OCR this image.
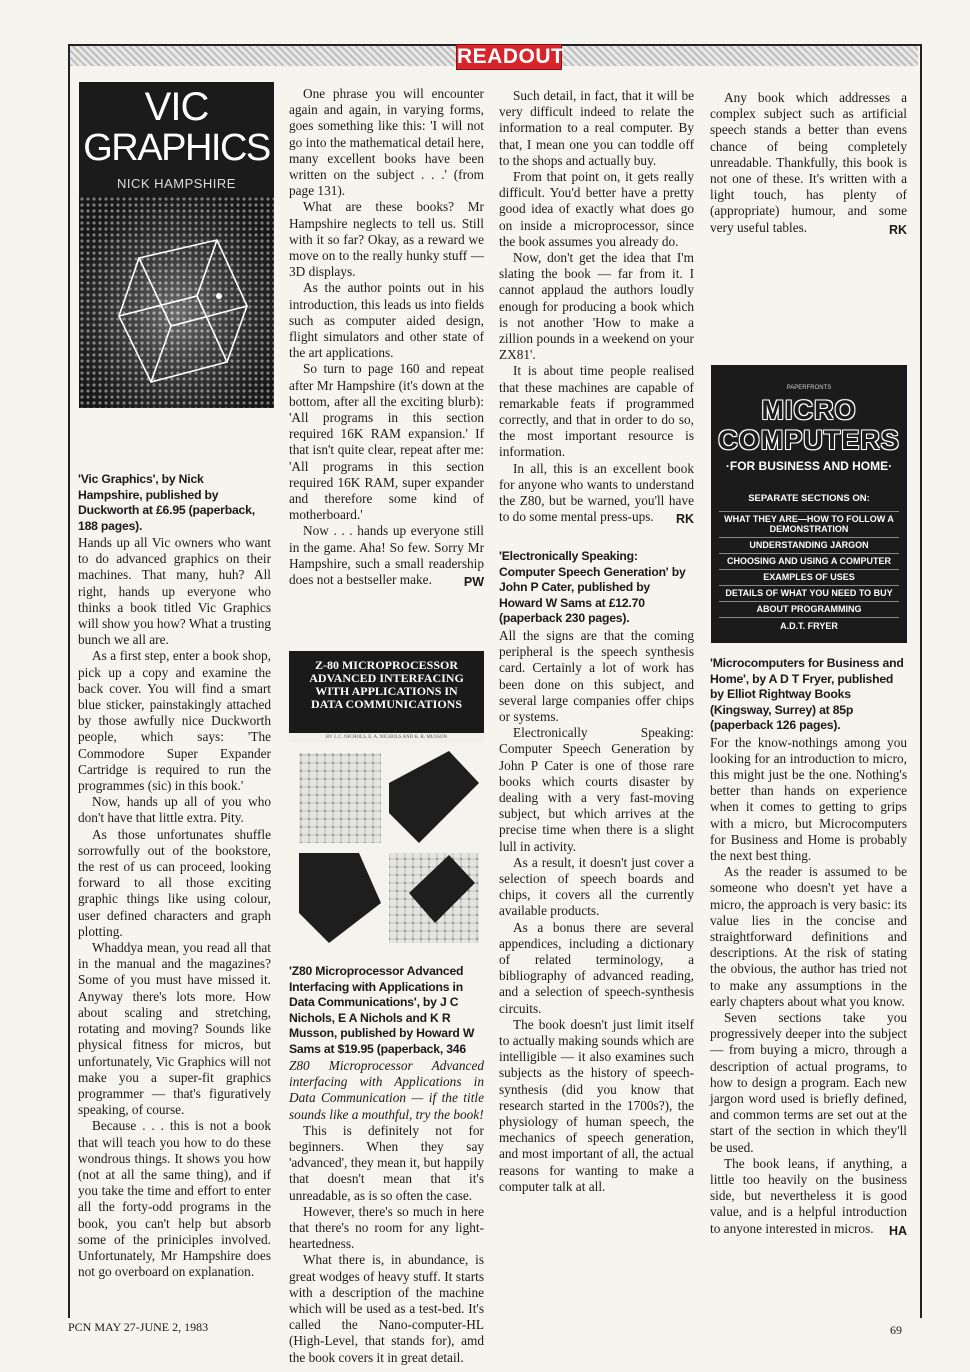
READOUT
VIC
GRAPHICS
NICK HAMPSHIRE
Z-80 MICROPROCESSOR
ADVANCED INTERFACING
WITH APPLICATIONS IN
DATA COMMUNICATIONS
BY J. C. NICHOLS, E. A. NICHOLS AND K. R. MUSSON
PAPERFRONTS
MICRO
COMPUTERS
·FOR BUSINESS AND HOME·
SEPARATE SECTIONS ON:
WHAT THEY ARE—HOW TO FOLLOW A DEMONSTRATION
UNDERSTANDING JARGON
CHOOSING AND USING A COMPUTER
EXAMPLES OF USES
DETAILS OF WHAT YOU NEED TO BUY
ABOUT PROGRAMMING
A.D.T. FRYER
'Vic Graphics', by Nick Hampshire, published by Duckworth at £6.95 (paperback, 188 pages).

Hands up all Vic owners who want to do advanced graphics on their machines. That many, huh? All right, hands up everyone who thinks a book titled Vic Graphics will show you how? What a trusting bunch we all are.

As a first step, enter a book shop, pick up a copy and examine the back cover. You will find a smart blue sticker, painstakingly attached by those awfully nice Duckworth people, which says: 'The Commodore Super Expander Cartridge is required to run the programmes (sic) in this book.'

Now, hands up all of you who don't have that little extra. Pity.

As those unfortunates shuffle sorrowfully out of the bookstore, the rest of us can proceed, looking forward to all those exciting graphic things like using colour, user defined characters and graph plotting.

Whaddya mean, you read all that in the manual and the magazines? Some of you must have missed it. Anyway there's lots more. How about scaling and stretching, rotating and moving? Sounds like physical fitness for micros, but unfortunately, Vic Graphics will not make you a super-fit graphics programmer — that's figuratively speaking, of course.

Because . . . this is not a book that will teach you how to do these wondrous things. It shows you how (not at all the same thing), and if you take the time and effort to enter all the forty-odd programs in the book, you can't help but absorb some of the priniciples involved. Unfortunately, Mr Hampshire does not go overboard on explanation.

One phrase you will encounter again and again, in varying forms, goes something like this: 'I will not go into the mathematical detail here, many excellent books have been written on the subject . . .' (from page 131).

What are these books? Mr Hampshire neglects to tell us. Still with it so far? Okay, as a reward we move on to the really hunky stuff — 3D displays.

As the author points out in his introduction, this leads us into fields such as computer aided design, flight simulators and other state of the art applications.

So turn to page 160 and repeat after Mr Hampshire (it's down at the bottom, after all the exciting blurb): 'All programs in this section required 16K RAM expansion.' If that isn't quite clear, repeat after me: 'All programs in this section required 16K RAM, super expander and therefore some kind of motherboard.'

Now . . . hands up everyone still in the game. Aha! So few. Sorry Mr Hampshire, such a small readership does not a bestseller make.	PW
'Z80 Microprocessor Advanced Interfacing with Applications in Data Communications', by J C Nichols, E A Nichols and K R Musson, published by Howard W Sams at $19.95 (paperback, 346

Z80 Microprocessor Advanced interfacing with Applications in Data Communication — if the title sounds like a mouthful, try the book!

This is definitely not for beginners. When they say 'advanced', they mean it, but happily that doesn't mean that it's unreadable, as is so often the case.

However, there's so much in here that there's no room for any light-heartedness.

What there is, in abundance, is great wodges of heavy stuff. It starts with a description of the machine which will be used as a test-bed. It's called the Nano-computer-HL (High-Level, that stands for), amd the book covers it in great detail.

Such detail, in fact, that it will be very difficult indeed to relate the information to a real computer. By that, I mean one you can toddle off to the shops and actually buy.

From that point on, it gets really difficult. You'd better have a pretty good idea of exactly what does go on inside a microprocessor, since the book assumes you already do.

Now, don't get the idea that I'm slating the book — far from it. I cannot applaud the authors loudly enough for producing a book which is not another 'How to make a zillion pounds in a weekend on your ZX81'.

It is about time people realised that these machines are capable of remarkable feats if programmed correctly, and that in order to do so, the most important resource is information.

In all, this is an excellent book for anyone who wants to understand the Z80, but be warned, you'll have to do some mental press-ups.	RK
'Electronically Speaking: Computer Speech Generation' by John P Cater, published by Howard W Sams at £12.70 (paperback 230 pages).

All the signs are that the coming peripheral is the speech synthesis card. Certainly a lot of work has been done on this subject, and several large companies offer chips or systems.

Electronically Speaking: Computer Speech Generation by John P Cater is one of those rare books which courts disaster by dealing with a very fast-moving subject, but which arrives at the precise time when there is a slight lull in activity.

As a result, it doesn't just cover a selection of speech boards and chips, it covers all the currently available products.

As a bonus there are several appendices, including a dictionary of related terminology, a bibliography of advanced reading, and a selection of speech-synthesis circuits.

The book doesn't just limit itself to actually making sounds which are intelligible — it also examines such subjects as the history of speech-synthesis (did you know that research started in the 1700s?), the physiology of human speech, the mechanics of speech generation, and most important of all, the actual reasons for wanting to make a computer talk at all.

Any book which addresses a complex subject such as artificial speech stands a better than evens chance of being completely unreadable. Thankfully, this book is not one of these. It's written with a light touch, has plenty of (appropriate) humour, and some very useful tables.	RK
'Microcomputers for Business and Home', by A D T Fryer, published by Elliot Rightway Books (Kingsway, Surrey) at 85p (paperback 126 pages).

For the know-nothings among you looking for an introduction to micro, this might just be the one. Nothing's better than hands on experience when it comes to getting to grips with a micro, but Microcomputers for Business and Home is probably the next best thing.

As the reader is assumed to be someone who doesn't yet have a micro, the approach is very basic: its value lies in the concise and straightforward definitions and descriptions. At the risk of stating the obvious, the author has tried not to make any assumptions in the early chapters about what you know.

Seven sections take you progressively deeper into the subject — from buying a micro, through a description of actual programs, to how to design a program. Each new jargon word used is briefly defined, and common terms are set out at the start of the section in which they'll be used.

The book leans, if anything, a little too heavily on the business side, but nevertheless it is good value, and is a helpful introduction to anyone interested in micros.	HA
PCN MAY 27-JUNE 2, 1983	69
